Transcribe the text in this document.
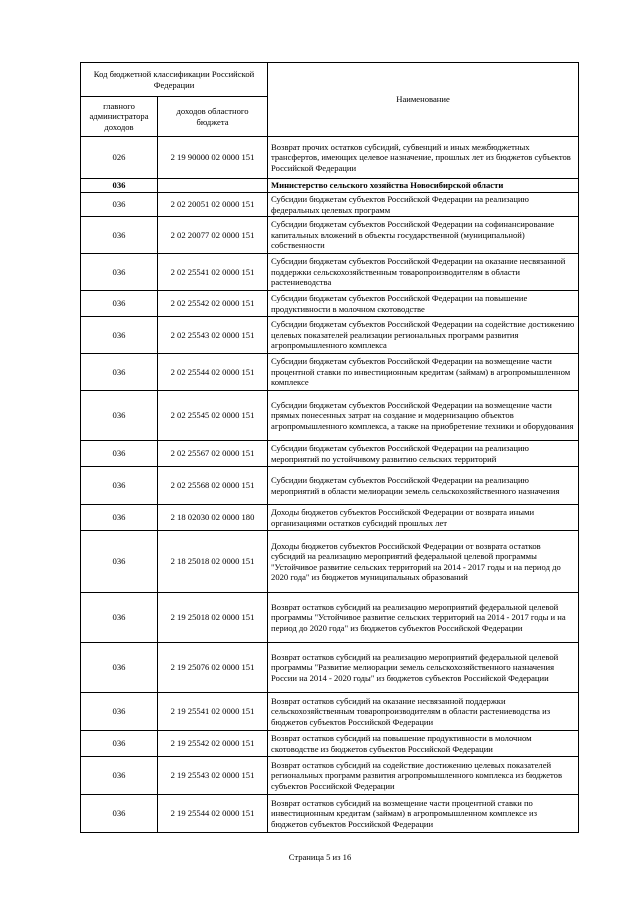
Код бюджетной классификации Российской Федерации		Наименование
главного администратора доходов	доходов областного бюджета	
026	2 19 90000 02 0000 151	Возврат прочих остатков субсидий, субвенций и иных межбюджетных трансфертов, имеющих целевое назначение, прошлых лет из бюджетов субъектов Российской Федерации
036		Министерство сельского хозяйства Новосибирской области
036	2 02 20051 02 0000 151	Субсидии бюджетам субъектов Российской Федерации на реализацию федеральных целевых программ
036	2 02 20077 02 0000 151	Субсидии бюджетам субъектов Российской Федерации на софинансирование капитальных вложений в объекты государственной (муниципальной) собственности
036	2 02 25541 02 0000 151	Субсидии бюджетам субъектов Российской Федерации на оказание несвязанной поддержки сельскохозяйственным товаропроизводителям в области растениеводства
036	2 02 25542 02 0000 151	Субсидии бюджетам субъектов Российской Федерации на повышение продуктивности в молочном скотоводстве
036	2 02 25543 02 0000 151	Субсидии бюджетам субъектов Российской Федерации на содействие достижению целевых показателей реализации региональных программ развития агропромышленного комплекса
036	2 02 25544 02 0000 151	Субсидии бюджетам субъектов Российской Федерации на возмещение части процентной ставки по инвестиционным кредитам (займам) в агропромышленном комплексе
036	2 02 25545 02 0000 151	Субсидии бюджетам субъектов Российской Федерации на возмещение части прямых понесенных затрат на создание и модернизацию объектов агропромышленного комплекса, а также на приобретение техники и оборудования
036	2 02 25567 02 0000 151	Субсидии бюджетам субъектов Российской Федерации на реализацию мероприятий по устойчивому развитию сельских территорий
036	2 02 25568 02 0000 151	Субсидии бюджетам субъектов Российской Федерации на реализацию мероприятий в области мелиорации земель сельскохозяйственного назначения
036	2 18 02030 02 0000 180	Доходы бюджетов субъектов Российской Федерации от возврата иными организациями остатков субсидий прошлых лет
036	2 18 25018 02 0000 151	Доходы бюджетов субъектов Российской Федерации от возврата остатков субсидий на реализацию мероприятий федеральной целевой программы "Устойчивое развитие сельских территорий на 2014 - 2017 годы и на период до 2020 года" из бюджетов муниципальных образований
036	2 19 25018 02 0000 151	Возврат остатков субсидий на реализацию мероприятий федеральной целевой программы "Устойчивое развитие сельских территорий на 2014 - 2017 годы и на период до 2020 года" из бюджетов субъектов Российской Федерации
036	2 19 25076 02 0000 151	Возврат остатков субсидий на реализацию мероприятий федеральной целевой программы "Развитие мелиорации земель сельскохозяйственного назначения России на 2014 - 2020 годы" из бюджетов субъектов Российской Федерации
036	2 19 25541 02 0000 151	Возврат остатков субсидий на оказание несвязанной поддержки сельскохозяйственным товаропроизводителям в области растениеводства из бюджетов субъектов Российской Федерации
036	2 19 25542 02 0000 151	Возврат остатков субсидий на повышение продуктивности в молочном скотоводстве из бюджетов субъектов Российской Федерации
036	2 19 25543 02 0000 151	Возврат остатков субсидий на содействие достижению целевых показателей региональных программ развития агропромышленного комплекса из бюджетов субъектов Российской Федерации
036	2 19 25544 02 0000 151	Возврат остатков субсидий на возмещение части процентной ставки по инвестиционным кредитам (займам) в агропромышленном комплексе из бюджетов субъектов Российской Федерации
Страница 5 из 16
